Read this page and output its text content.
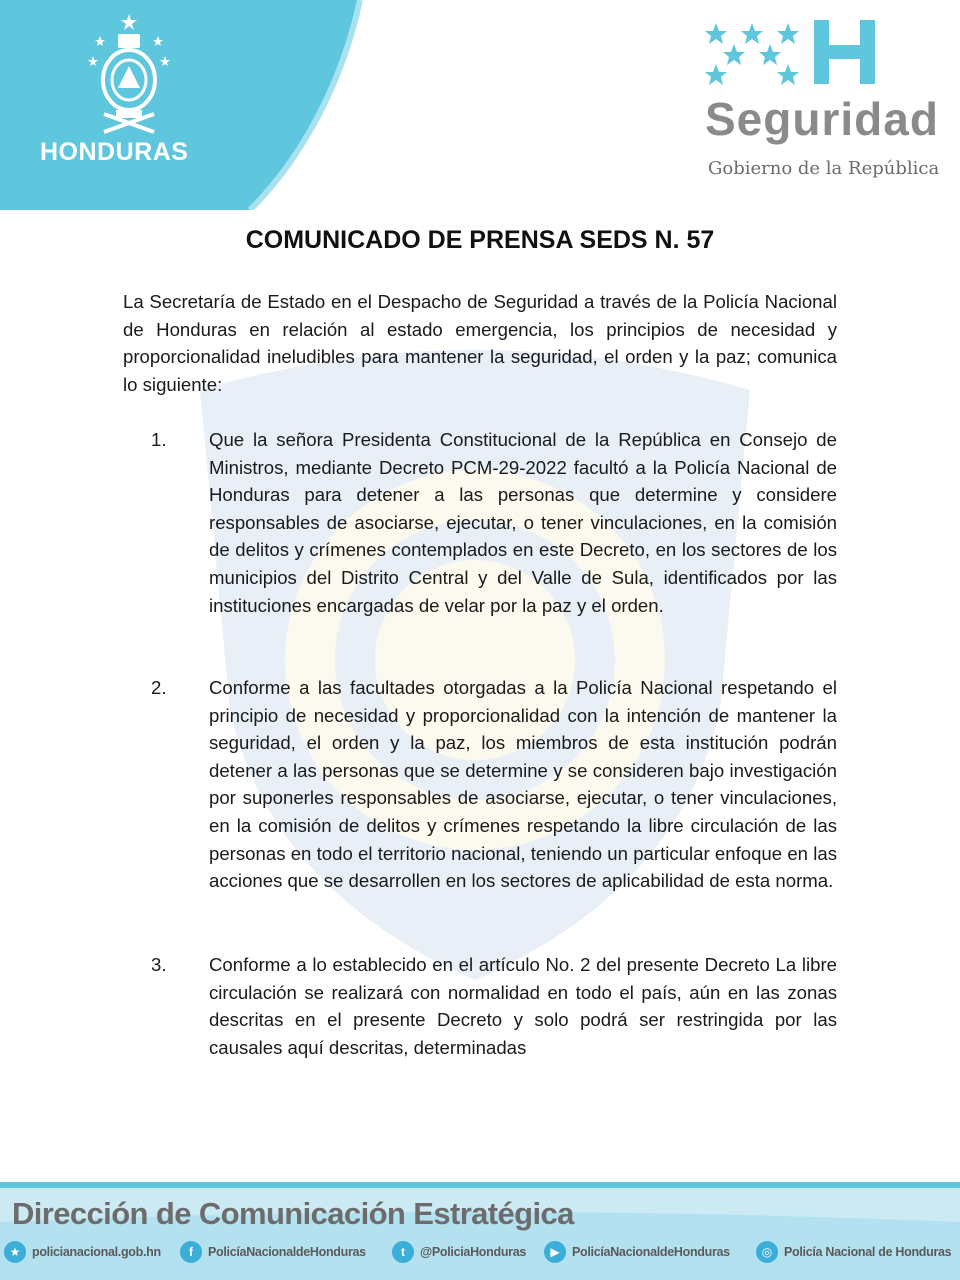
HONDURAS
Seguridad
Gobierno de la República
COMUNICADO DE PRENSA SEDS N. 57
La Secretaría de Estado en el Despacho de Seguridad a través de la Policía Nacional de Honduras en relación al estado emergencia, los principios de necesidad y proporcionalidad ineludibles para mantener la seguridad, el orden y la paz; comunica lo siguiente:
1. Que la señora Presidenta Constitucional de la República en Consejo de Ministros, mediante Decreto PCM-29-2022 facultó a la Policía Nacional de Honduras para detener a las personas que determine y considere responsables de asociarse, ejecutar, o tener vinculaciones, en la comisión de delitos y crímenes contemplados en este Decreto, en los sectores de los municipios del Distrito Central y del Valle de Sula, identificados por las instituciones encargadas de velar por la paz y el orden.
2. Conforme a las facultades otorgadas a la Policía Nacional respetando el principio de necesidad y proporcionalidad con la intención de mantener la seguridad, el orden y la paz, los miembros de esta institución podrán detener a las personas que se determine y se consideren bajo investigación por suponerles responsables de asociarse, ejecutar, o tener vinculaciones, en la comisión de delitos y crímenes respetando la libre circulación de las personas en todo el territorio nacional, teniendo un particular enfoque en las acciones que se desarrollen en los sectores de aplicabilidad de esta norma.
3. Conforme a lo establecido en el artículo No. 2 del presente Decreto La libre circulación se realizará con normalidad en todo el país, aún en las zonas descritas en el presente Decreto y solo podrá ser restringida por las causales aquí descritas, determinadas
Dirección de Comunicación Estratégica
★ policianacional.gob.hn	f	PolicíaNacionaldeHonduras	t	@PoliciaHonduras	▶ PolicíaNacionaldeHonduras	◎ Policía Nacional de Honduras
